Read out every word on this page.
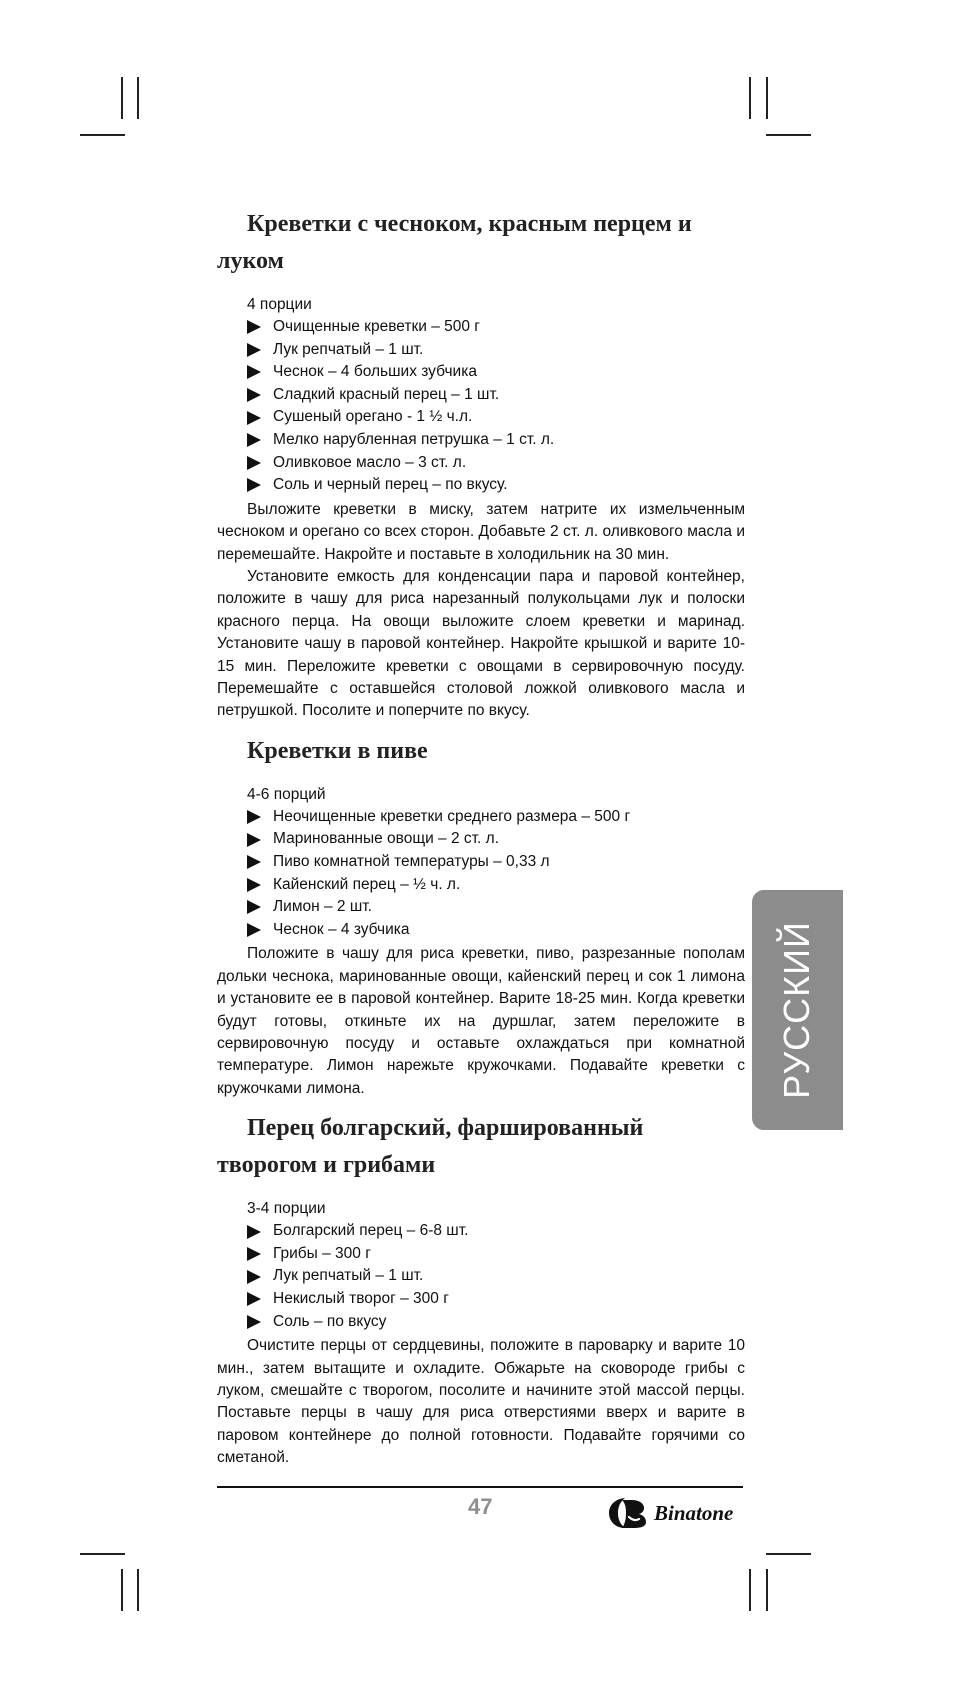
Креветки с чесноком, красным перцем и луком
4 порции
Очищенные креветки – 500 г
Лук репчатый – 1 шт.
Чеснок – 4 больших зубчика
Сладкий красный перец – 1 шт.
Сушеный орегано - 1 ½ ч.л.
Мелко нарубленная петрушка – 1 ст. л.
Оливковое масло – 3 ст. л.
Соль и черный перец – по вкусу.

Выложите креветки в миску, затем натрите их измельченным чесноком и орегано со всех сторон. Добавьте 2 ст. л. оливкового масла и перемешайте. Накройте и поставьте в холодильник на 30 мин.

Установите емкость для конденсации пара и паровой контейнер, положите в чашу для риса нарезанный полукольцами лук и полоски красного перца. На овощи выложите слоем креветки и маринад. Установите чашу в паровой контейнер. Накройте крышкой и варите 10-15 мин. Переложите креветки с овощами в сервировочную посуду. Перемешайте с оставшейся столовой ложкой оливкового масла и петрушкой. Посолите и поперчите по вкусу.

Креветки в пиве
4-6 порций
Неочищенные креветки среднего размера – 500 г
Маринованные овощи – 2 ст. л.
Пиво комнатной температуры – 0,33 л
Кайенский перец – ½ ч. л.
Лимон – 2 шт.
Чеснок – 4 зубчика

Положите в чашу для риса креветки, пиво, разрезанные пополам дольки чеснока, маринованные овощи, кайенский перец и сок 1 лимона и установите ее в паровой контейнер. Варите 18-25 мин. Когда креветки будут готовы, откиньте их на дуршлаг, затем переложите в сервировочную посуду и оставьте охлаждаться при комнатной температуре. Лимон нарежьте кружочками. Подавайте креветки с кружочками лимона.

Перец болгарский, фаршированный творогом и грибами
3-4 порции
Болгарский перец – 6-8 шт.
Грибы – 300 г
Лук репчатый – 1 шт.
Некислый творог – 300 г
Соль – по вкусу

Очистите перцы от сердцевины, положите в пароварку и варите 10 мин., затем вытащите и охладите. Обжарьте на сковороде грибы с луком, смешайте с творогом, посолите и начините этой массой перцы. Поставьте перцы в чашу для риса отверстиями вверх и варите в паровом контейнере до полной готовности. Подавайте горячими со сметаной.

РУССКИЙ
47	Binatone
